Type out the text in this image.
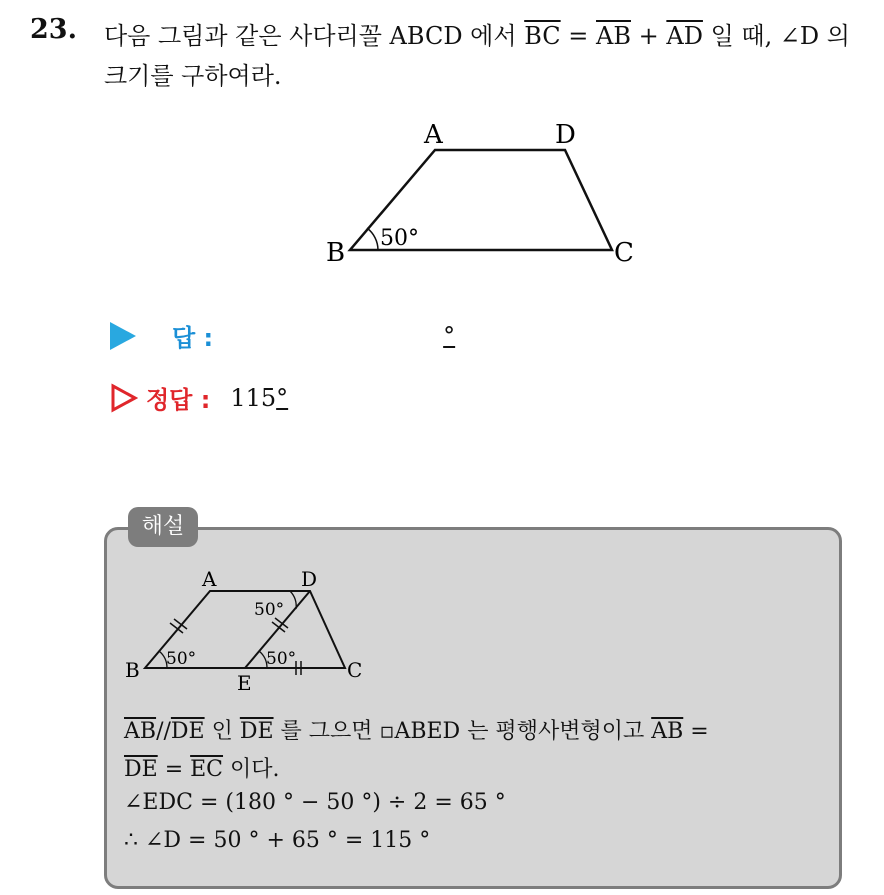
23. 다음 그림과 같은 사다리꼴 ABCD 에서 $\overline{BC} = \overline{AB} + \overline{AD}$ 일 때, ∠D 의
크기를 구하여라.
A	D
B	C
50°
답 :	°
정답 : 115 °
해설
A	D
B
E
C
50°	50°
50°
$\overline{AB}//\overline{DE}$ 인 $\overline{DE}$ 를 그으면 ▫ABED 는 평행사변형이고 $\overline{AB}$ =
$\overline{DE} = \overline{EC}$ 이다.
∠EDC = (180 ° − 50 °) ÷ 2 = 65 °
∴ ∠D = 50 ° + 65 ° = 115 °
